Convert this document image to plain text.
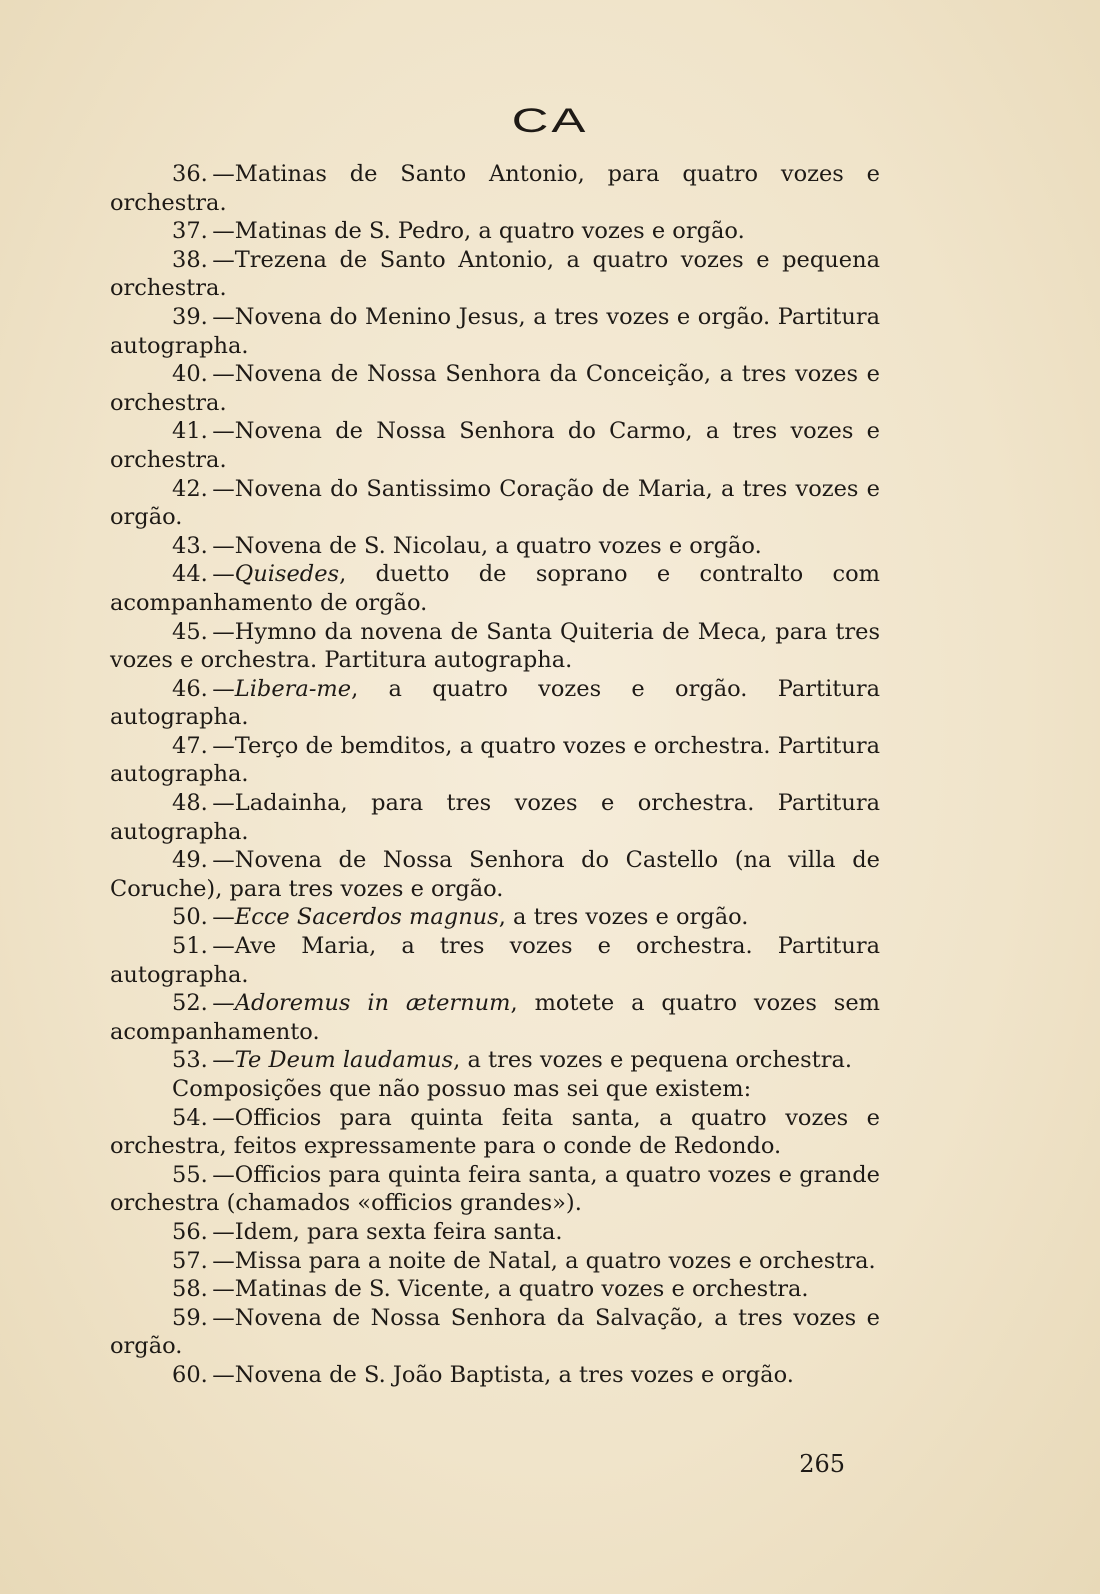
CA

36. —Matinas de Santo Antonio, para quatro vozes e orchestra.

37. —Matinas de S. Pedro, a quatro vozes e orgão.

38. —Trezena de Santo Antonio, a quatro vozes e pequena orchestra.

39. —Novena do Menino Jesus, a tres vozes e orgão. Partitura autographa.

40. —Novena de Nossa Senhora da Conceição, a tres vozes e orchestra.

41. —Novena de Nossa Senhora do Carmo, a tres vozes e orchestra.

42. —Novena do Santissimo Coração de Maria, a tres vozes e orgão.

43. —Novena de S. Nicolau, a quatro vozes e orgão.

44. —Quisedes, duetto de soprano e contralto com acompanhamento de orgão.

45. —Hymno da novena de Santa Quiteria de Meca, para tres vozes e orchestra. Partitura autographa.

46. —Libera-me, a quatro vozes e orgão. Partitura autographa.

47. —Terço de bemditos, a quatro vozes e orchestra. Partitura autographa.

48. —Ladainha, para tres vozes e orchestra. Partitura autographa.

49. —Novena de Nossa Senhora do Castello (na villa de Coruche), para tres vozes e orgão.

50. —Ecce Sacerdos magnus, a tres vozes e orgão.

51. —Ave Maria, a tres vozes e orchestra. Partitura autographa.

52. —Adoremus in æternum, motete a quatro vozes sem acompanhamento.

53. —Te Deum laudamus, a tres vozes e pequena orchestra.

Composições que não possuo mas sei que existem:

54. —Officios para quinta feita santa, a quatro vozes e orchestra, feitos expressamente para o conde de Redondo.

55. —Officios para quinta feira santa, a quatro vozes e grande orchestra (chamados «officios grandes»).

56. —Idem, para sexta feira santa.

57. —Missa para a noite de Natal, a quatro vozes e orchestra.

58. —Matinas de S. Vicente, a quatro vozes e orchestra.

59. —Novena de Nossa Senhora da Salvação, a tres vozes e orgão.

60. —Novena de S. João Baptista, a tres vozes e orgão.

265
